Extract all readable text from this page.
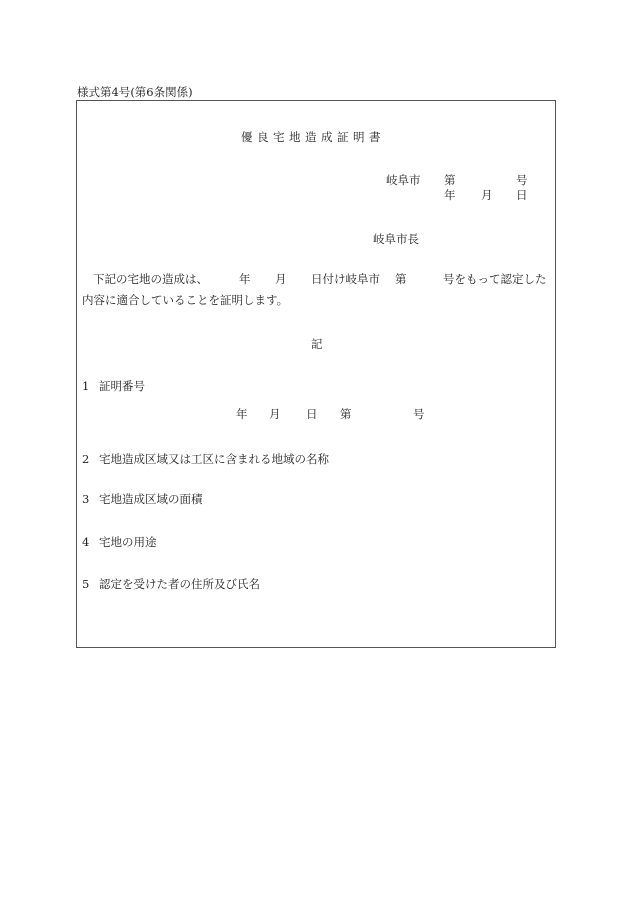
様式第4号(第6条関係)
優良宅地造成証明書
岐阜市 第	号
年 月 日
岐阜市長
下記の宅地の造成は、	年 月 日付け岐阜市 第	号をもって認定した
内容に適合していることを証明します。
記
1 証明番号
年 月 日 第	号
2 宅地造成区域又は工区に含まれる地域の名称
3 宅地造成区域の面積
4 宅地の用途
5 認定を受けた者の住所及び氏名
